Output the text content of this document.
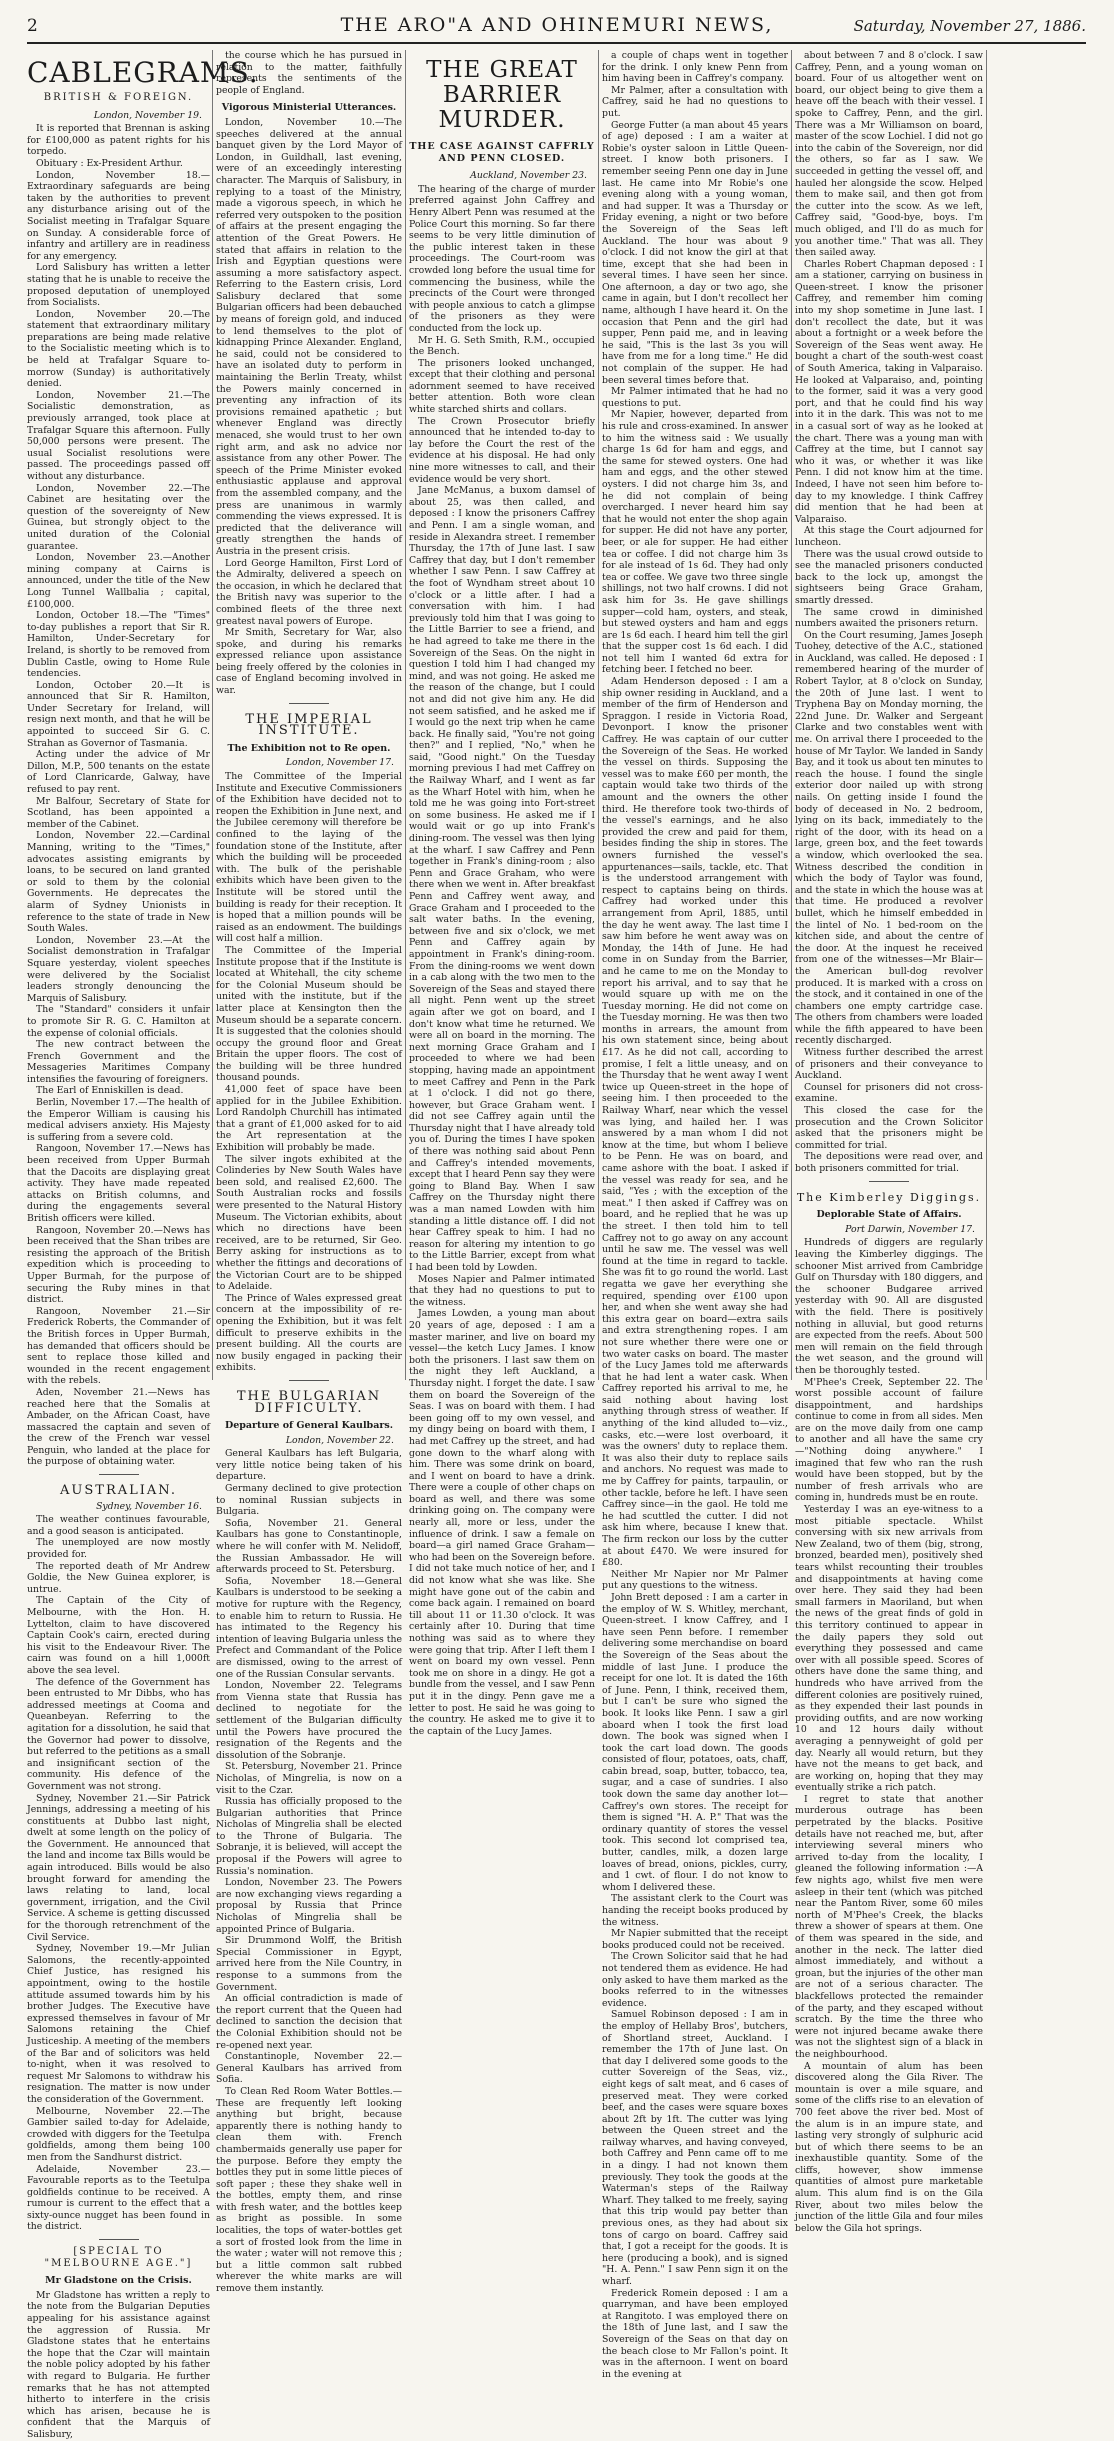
2	THE ARO"A AND OHINEMURI NEWS,	Saturday, November 27, 1886.
CABLEGRAMS.
BRITISH & FOREIGN.
London, November 19.

It is reported that Brennan is asking for £100,000 as patent rights for his torpedo.

Obituary : Ex-President Arthur.

London, November 18.—Extraordinary safeguards are being taken by the authorities to prevent any disturbance arising out of the Socialist meeting in Trafalgar Square on Sunday. A considerable force of infantry and artillery are in readiness for any emergency.

Lord Salisbury has written a letter stating that he is unable to receive the proposed deputation of unemployed from Socialists.

London, November 20.—The statement that extraordinary military preparations are being made relative to the Socialistic meeting which is to be held at Trafalgar Square to-morrow (Sunday) is authoritatively denied.

London, November 21.—The Socialistic demonstration, as previously arranged, took place at Trafalgar Square this afternoon. Fully 50,000 persons were present. The usual Socialist resolutions were passed. The proceedings passed off without any disturbance.

London, November 22.—The Cabinet are hesitating over the question of the sovereignty of New Guinea, but strongly object to the united duration of the Colonial guarantee.

London, November 23.—Another mining company at Cairns is announced, under the title of the New Long Tunnel Wallbalia ; capital, £100,000.

London, October 18.—The "Times" to-day publishes a report that Sir R. Hamilton, Under-Secretary for Ireland, is shortly to be removed from Dublin Castle, owing to Home Rule tendencies.

London, October 20.—It is announced that Sir R. Hamilton, Under Secretary for Ireland, will resign next month, and that he will be appointed to succeed Sir G. C. Strahan as Governor of Tasmania.

Acting under the advice of Mr Dillon, M.P., 500 tenants on the estate of Lord Clanricarde, Galway, have refused to pay rent.

Mr Balfour, Secretary of State for Scotland, has been appointed a member of the Cabinet.

London, November 22.—Cardinal Manning, writing to the "Times," advocates assisting emigrants by loans, to be secured on land granted or sold to them by the colonial Governments. He deprecates the alarm of Sydney Unionists in reference to the state of trade in New South Wales.

London, November 23.—At the Socialist demonstration in Trafalgar Square yesterday, violent speeches were delivered by the Socialist leaders strongly denouncing the Marquis of Salisbury.

The "Standard" considers it unfair to promote Sir R. G. C. Hamilton at the expense of colonial officials.

The new contract between the French Government and the Messageries Maritimes Company intensifies the favouring of foreigners.

The Earl of Enniskillen is dead.

Berlin, November 17.—The health of the Emperor William is causing his medical advisers anxiety. His Majesty is suffering from a severe cold.

Rangoon, November 17.—News has been received from Upper Burmah that the Dacoits are displaying great activity. They have made repeated attacks on British columns, and during the engagements several British officers were killed.

Rangoon, November 20.—News has been received that the Shan tribes are resisting the approach of the British expedition which is proceeding to Upper Burmah, for the purpose of securing the Ruby mines in that district.

Rangoon, November 21.—Sir Frederick Roberts, the Commander of the British forces in Upper Burmah, has demanded that officers should be sent to replace those killed and wounded in the recent engagement with the rebels.

Aden, November 21.—News has reached here that the Somalis at Ambader, on the African Coast, have massacred the captain and seven of the crew of the French war vessel Penguin, who landed at the place for the purpose of obtaining water.

AUSTRALIAN.
Sydney, November 16.

The weather continues favourable, and a good season is anticipated.

The unemployed are now mostly provided for.

The reported death of Mr Andrew Goldie, the New Guinea explorer, is untrue.

The Captain of the City of Melbourne, with the Hon. H. Lyttelton, claim to have discovered Captain Cook's cairn, erected during his visit to the Endeavour River. The cairn was found on a hill 1,000ft above the sea level.

The defence of the Government has been entrusted to Mr Dibbs, who has addressed meetings at Cooma and Queanbeyan. Referring to the agitation for a dissolution, he said that the Governor had power to dissolve, but referred to the petitions as a small and insignificant section of the community. His defence of the Government was not strong.

Sydney, November 21.—Sir Patrick Jennings, addressing a meeting of his constituents at Dubbo last night, dwelt at some length on the policy of the Government. He announced that the land and income tax Bills would be again introduced. Bills would be also brought forward for amending the laws relating to land, local government, irrigation, and the Civil Service. A scheme is getting discussed for the thorough retrenchment of the Civil Service.

Sydney, November 19.—Mr Julian Salomons, the recently-appointed Chief Justice, has resigned his appointment, owing to the hostile attitude assumed towards him by his brother Judges. The Executive have expressed themselves in favour of Mr Salomons retaining the Chief Justiceship. A meeting of the members of the Bar and of solicitors was held to-night, when it was resolved to request Mr Salomons to withdraw his resignation. The matter is now under the consideration of the Government.

Melbourne, November 22.—The Gambier sailed to-day for Adelaide, crowded with diggers for the Teetulpa goldfields, among them being 100 men from the Sandhurst district.

Adelaide, November 23.—Favourable reports as to the Teetulpa goldfields continue to be received. A rumour is current to the effect that a sixty-ounce nugget has been found in the district.

[SPECIAL TO "MELBOURNE AGE."]
Mr Gladstone on the Crisis.

Mr Gladstone has written a reply to the note from the Bulgarian Deputies appealing for his assistance against the aggression of Russia. Mr Gladstone states that he entertains the hope that the Czar will maintain the noble policy adopted by his father with regard to Bulgaria. He further remarks that he has not attempted hitherto to interfere in the crisis which has arisen, because he is confident that the Marquis of Salisbury,

the course which he has pursued in relation to the matter, faithfully represents the sentiments of the people of England.

Vigorous Ministerial Utterances.

London, November 10.—The speeches delivered at the annual banquet given by the Lord Mayor of London, in Guildhall, last evening, were of an exceedingly interesting character. The Marquis of Salisbury, in replying to a toast of the Ministry, made a vigorous speech, in which he referred very outspoken to the position of affairs at the present engaging the attention of the Great Powers. He stated that affairs in relation to the Irish and Egyptian questions were assuming a more satisfactory aspect. Referring to the Eastern crisis, Lord Salisbury declared that some Bulgarian officers had been debauched by means of foreign gold, and induced to lend themselves to the plot of kidnapping Prince Alexander. England, he said, could not be considered to have an isolated duty to perform in maintaining the Berlin Treaty, whilst the Powers mainly concerned in preventing any infraction of its provisions remained apathetic ; but whenever England was directly menaced, she would trust to her own right arm, and ask no advice nor assistance from any other Power. The speech of the Prime Minister evoked enthusiastic applause and approval from the assembled company, and the press are unanimous in warmly commending the views expressed. It is predicted that the deliverance will greatly strengthen the hands of Austria in the present crisis.

Lord George Hamilton, First Lord of the Admiralty, delivered a speech on the occasion, in which he declared that the British navy was superior to the combined fleets of the three next greatest naval powers of Europe.

Mr Smith, Secretary for War, also spoke, and during his remarks expressed reliance upon assistance being freely offered by the colonies in case of England becoming involved in war.

THE IMPERIAL INSTITUTE.
The Exhibition not to Re open.
London, November 17.

The Committee of the Imperial Institute and Executive Commissioners of the Exhibition have decided not to reopen the Exhibition in June next, and the Jubilee ceremony will therefore be confined to the laying of the foundation stone of the Institute, after which the building will be proceeded with. The bulk of the perishable exhibits which have been given to the Institute will be stored until the building is ready for their reception. It is hoped that a million pounds will be raised as an endowment. The buildings will cost half a million.

The Committee of the Imperial Institute propose that if the Institute is located at Whitehall, the city scheme for the Colonial Museum should be united with the institute, but if the latter place at Kensington then the Museum should be a separate concern. It is suggested that the colonies should occupy the ground floor and Great Britain the upper floors. The cost of the building will be three hundred thousand pounds.

41,000 feet of space have been applied for in the Jubilee Exhibition. Lord Randolph Churchill has intimated that a grant of £1,000 asked for to aid the Art representation at the Exhibition will probably be made.

The silver ingots exhibited at the Colinderies by New South Wales have been sold, and realised £2,600. The South Australian rocks and fossils were presented to the Natural History Museum. The Victorian exhibits, about which no directions have been received, are to be returned, Sir Geo. Berry asking for instructions as to whether the fittings and decorations of the Victorian Court are to be shipped to Adelaide.

The Prince of Wales expressed great concern at the impossibility of re-opening the Exhibition, but it was felt difficult to preserve exhibits in the present building. All the courts are now busily engaged in packing their exhibits.

THE BULGARIAN DIFFICULTY.
Departure of General Kaulbars.
London, November 22.

General Kaulbars has left Bulgaria, very little notice being taken of his departure.

Germany declined to give protection to nominal Russian subjects in Bulgaria.

Sofia, November 21. General Kaulbars has gone to Constantinople, where he will confer with M. Nelidoff, the Russian Ambassador. He will afterwards proceed to St. Petersburg.

Sofia, November 18.—General Kaulbars is understood to be seeking a motive for rupture with the Regency, to enable him to return to Russia. He has intimated to the Regency his intention of leaving Bulgaria unless the Prefect and Commandant of the Police are dismissed, owing to the arrest of one of the Russian Consular servants.

London, November 22. Telegrams from Vienna state that Russia has declined to negotiate for the settlement of the Bulgarian difficulty until the Powers have procured the resignation of the Regents and the dissolution of the Sobranje.

St. Petersburg, November 21. Prince Nicholas, of Mingrelia, is now on a visit to the Czar.

Russia has officially proposed to the Bulgarian authorities that Prince Nicholas of Mingrelia shall be elected to the Throne of Bulgaria. The Sobranje, it is believed, will accept the proposal if the Powers will agree to Russia's nomination.

London, November 23. The Powers are now exchanging views regarding a proposal by Russia that Prince Nicholas of Mingrelia shall be appointed Prince of Bulgaria.

Sir Drummond Wolff, the British Special Commissioner in Egypt, arrived here from the Nile Country, in response to a summons from the Government.

An official contradiction is made of the report current that the Queen had declined to sanction the decision that the Colonial Exhibition should not be re-opened next year.

Constantinople, November 22.—General Kaulbars has arrived from Sofia.

To Clean Red Room Water Bottles.—These are frequently left looking anything but bright, because apparently there is nothing handy to clean them with. French chambermaids generally use paper for the purpose. Before they empty the bottles they put in some little pieces of soft paper ; these they shake well in the bottles, empty them, and rinse with fresh water, and the bottles keep as bright as possible. In some localities, the tops of water-bottles get a sort of frosted look from the lime in the water ; water will not remove this ; but a little common salt rubbed wherever the white marks are will remove them instantly.

THE GREAT BARRIER MURDER.
THE CASE AGAINST CAFFRLY AND PENN CLOSED.
Auckland, November 23.

The hearing of the charge of murder preferred against John Caffrey and Henry Albert Penn was resumed at the Police Court this morning. So far there seems to be very little diminution of the public interest taken in these proceedings. The Court-room was crowded long before the usual time for commencing the business, while the precincts of the Court were thronged with people anxious to catch a glimpse of the prisoners as they were conducted from the lock up.

Mr H. G. Seth Smith, R.M., occupied the Bench.

The prisoners looked unchanged, except that their clothing and personal adornment seemed to have received better attention. Both wore clean white starched shirts and collars.

The Crown Prosecutor briefly announced that he intended to-day to lay before the Court the rest of the evidence at his disposal. He had only nine more witnesses to call, and their evidence would be very short.

Jane McManus, a buxom damsel of about 25, was then called, and deposed : I know the prisoners Caffrey and Penn. I am a single woman, and reside in Alexandra street. I remember Thursday, the 17th of June last. I saw Caffrey that day, but I don't remember whether I saw Penn. I saw Caffrey at the foot of Wyndham street about 10 o'clock or a little after. I had a conversation with him. I had previously told him that I was going to the Little Barrier to see a friend, and he had agreed to take me there in the Sovereign of the Seas. On the night in question I told him I had changed my mind, and was not going. He asked me the reason of the change, but I could not and did not give him any. He did not seem satisfied, and he asked me if I would go the next trip when he came back. He finally said, "You're not going then?" and I replied, "No," when he said, "Good night." On the Tuesday morning previous I had met Caffrey on the Railway Wharf, and I went as far as the Wharf Hotel with him, when he told me he was going into Fort-street on some business. He asked me if I would wait or go up into Frank's dining-room. The vessel was then lying at the wharf. I saw Caffrey and Penn together in Frank's dining-room ; also Penn and Grace Graham, who were there when we went in. After breakfast Penn and Caffrey went away, and Grace Graham and I proceeded to the salt water baths. In the evening, between five and six o'clock, we met Penn and Caffrey again by appointment in Frank's dining-room. From the dining-rooms we went down in a cab along with the two men to the Sovereign of the Seas and stayed there all night. Penn went up the street again after we got on board, and I don't know what time he returned. We were all on board in the morning. The next morning Grace Graham and I proceeded to where we had been stopping, having made an appointment to meet Caffrey and Penn in the Park at 1 o'clock. I did not go there, however, but Grace Graham went. I did not see Caffrey again until the Thursday night that I have already told you of. During the times I have spoken of there was nothing said about Penn and Caffrey's intended movements, except that I heard Penn say they were going to Bland Bay. When I saw Caffrey on the Thursday night there was a man named Lowden with him standing a little distance off. I did not hear Caffrey speak to him. I had no reason for altering my intention to go to the Little Barrier, except from what I had been told by Lowden.

Moses Napier and Palmer intimated that they had no questions to put to the witness.

James Lowden, a young man about 20 years of age, deposed : I am a master mariner, and live on board my vessel—the ketch Lucy James. I know both the prisoners. I last saw them on the night they left Auckland, a Thursday night. I forget the date. I saw them on board the Sovereign of the Seas. I was on board with them. I had been going off to my own vessel, and my dingy being on board with them, I had met Caffrey up the street, and had gone down to the wharf along with him. There was some drink on board, and I went on board to have a drink. There were a couple of other chaps on board as well, and there was some drinking going on. The company were nearly all, more or less, under the influence of drink. I saw a female on board—a girl named Grace Graham—who had been on the Sovereign before. I did not take much notice of her, and I did not know what she was like. She might have gone out of the cabin and come back again. I remained on board till about 11 or 11.30 o'clock. It was certainly after 10. During that time nothing was said as to where they were going that trip. After I left them I went on board my own vessel. Penn took me on shore in a dingy. He got a bundle from the vessel, and I saw Penn put it in the dingy. Penn gave me a letter to post. He said he was going to the country. He asked me to give it to the captain of the Lucy James.

a couple of chaps went in together for the drink. I only knew Penn from him having been in Caffrey's company.

Mr Palmer, after a consultation with Caffrey, said he had no questions to put.

George Futter (a man about 45 years of age) deposed : I am a waiter at Robie's oyster saloon in Little Queen-street. I know both prisoners. I remember seeing Penn one day in June last. He came into Mr Robie's one evening along with a young woman, and had supper. It was a Thursday or Friday evening, a night or two before the Sovereign of the Seas left Auckland. The hour was about 9 o'clock. I did not know the girl at that time, except that she had been in several times. I have seen her since. One afternoon, a day or two ago, she came in again, but I don't recollect her name, although I have heard it. On the occasion that Penn and the girl had supper, Penn paid me, and in leaving he said, "This is the last 3s you will have from me for a long time." He did not complain of the supper. He had been several times before that.

Mr Palmer intimated that he had no questions to put.

Mr Napier, however, departed from his rule and cross-examined. In answer to him the witness said : We usually charge 1s 6d for ham and eggs, and the same for stewed oysters. One had ham and eggs, and the other stewed oysters. I did not charge him 3s, and he did not complain of being overcharged. I never heard him say that he would not enter the shop again for supper. He did not have any porter, beer, or ale for supper. He had either tea or coffee. I did not charge him 3s for ale instead of 1s 6d. They had only tea or coffee. We gave two three single shillings, not two half crowns. I did not ask him for 3s. He gave shillings supper—cold ham, oysters, and steak, but stewed oysters and ham and eggs are 1s 6d each. I heard him tell the girl that the supper cost 1s 6d each. I did not tell him I wanted 6d extra for fetching beer. I fetched no beer.

Adam Henderson deposed : I am a ship owner residing in Auckland, and a member of the firm of Henderson and Spraggon. I reside in Victoria Road, Devonport. I know the prisoner Caffrey. He was captain of our cutter the Sovereign of the Seas. He worked the vessel on thirds. Supposing the vessel was to make £60 per month, the captain would take two thirds of the amount and the owners the other third. He therefore took two-thirds of the vessel's earnings, and he also provided the crew and paid for them, besides finding the ship in stores. The owners furnished the vessel's appurtenances—sails, tackle, etc. That is the understood arrangement with respect to captains being on thirds. Caffrey had worked under this arrangement from April, 1885, until the day he went away. The last time I saw him before he went away was on Monday, the 14th of June. He had come in on Sunday from the Barrier, and he came to me on the Monday to report his arrival, and to say that he would square up with me on the Tuesday morning. He did not come on the Tuesday morning. He was then two months in arrears, the amount from his own statement since, being about £17. As he did not call, according to promise, I felt a little uneasy, and on the Thursday that he went away I went twice up Queen-street in the hope of seeing him. I then proceeded to the Railway Wharf, near which the vessel was lying, and hailed her. I was answered by a man whom I did not know at the time, but whom I believe to be Penn. He was on board, and came ashore with the boat. I asked if the vessel was ready for sea, and he said, "Yes ; with the exception of the meat." I then asked if Caffrey was on board, and he replied that he was up the street. I then told him to tell Caffrey not to go away on any account until he saw me. The vessel was well found at the time in regard to tackle. She was fit to go round the world. Last regatta we gave her everything she required, spending over £100 upon her, and when she went away she had this extra gear on board—extra sails and extra strengthening ropes. I am not sure whether there were one or two water casks on board. The master of the Lucy James told me afterwards that he had lent a water cask. When Caffrey reported his arrival to me, he said nothing about having lost anything through stress of weather. If anything of the kind alluded to—viz., casks, etc.—were lost overboard, it was the owners' duty to replace them. It was also their duty to replace sails and anchors. No request was made to me by Caffrey for paints, tarpaulin, or other tackle, before he left. I have seen Caffrey since—in the gaol. He told me he had scuttled the cutter. I did not ask him where, because I knew that. The firm reckon our loss by the cutter at about £470. We were insured for £80.

Neither Mr Napier nor Mr Palmer put any questions to the witness.

John Brett deposed : I am a carter in the employ of W. S. Whitley, merchant, Queen-street. I know Caffrey, and I have seen Penn before. I remember delivering some merchandise on board the Sovereign of the Seas about the middle of last June. I produce the receipt for one lot. It is dated the 16th of June. Penn, I think, received them, but I can't be sure who signed the book. It looks like Penn. I saw a girl aboard when I took the first load down. The book was signed when I took the cart load down. The goods consisted of flour, potatoes, oats, chaff, cabin bread, soap, butter, tobacco, tea, sugar, and a case of sundries. I also took down the same day another lot—Caffrey's own stores. The receipt for them is signed "H. A. P." That was the ordinary quantity of stores the vessel took. This second lot comprised tea, butter, candles, milk, a dozen large loaves of bread, onions, pickles, curry, and 1 cwt. of flour. I do not know to whom I delivered these.

The assistant clerk to the Court was handing the receipt books produced by the witness.

Mr Napier submitted that the receipt books produced could not be received.

The Crown Solicitor said that he had not tendered them as evidence. He had only asked to have them marked as the books referred to in the witnesses evidence.

Samuel Robinson deposed : I am in the employ of Hellaby Bros', butchers, of Shortland street, Auckland. I remember the 17th of June last. On that day I delivered some goods to the cutter Sovereign of the Seas, viz., eight kegs of salt meat, and 6 cases of preserved meat. They were corked beef, and the cases were square boxes about 2ft by 1ft. The cutter was lying between the Queen street and the railway wharves, and having conveyed, both Caffrey and Penn came off to me in a dingy. I had not known them previously. They took the goods at the Waterman's steps of the Railway Wharf. They talked to me freely, saying that this trip would pay better than previous ones, as they had about six tons of cargo on board. Caffrey said that, I got a receipt for the goods. It is here (producing a book), and is signed "H. A. Penn." I saw Penn sign it on the wharf.

Frederick Romein deposed : I am a quarryman, and have been employed at Rangitoto. I was employed there on the 18th of June last, and I saw the Sovereign of the Seas on that day on the beach close to Mr Fallon's point. It was in the afternoon. I went on board in the evening at

about between 7 and 8 o'clock. I saw Caffrey, Penn, and a young woman on board. Four of us altogether went on board, our object being to give them a heave off the beach with their vessel. I spoke to Caffrey, Penn, and the girl. There was a Mr Williamson on board, master of the scow Lochiel. I did not go into the cabin of the Sovereign, nor did the others, so far as I saw. We succeeded in getting the vessel off, and hauled her alongside the scow. Helped them to make sail, and then got from the cutter into the scow. As we left, Caffrey said, "Good-bye, boys. I'm much obliged, and I'll do as much for you another time." That was all. They then sailed away.

Charles Robert Chapman deposed : I am a stationer, carrying on business in Queen-street. I know the prisoner Caffrey, and remember him coming into my shop sometime in June last. I don't recollect the date, but it was about a fortnight or a week before the Sovereign of the Seas went away. He bought a chart of the south-west coast of South America, taking in Valparaiso. He looked at Valparaiso, and, pointing to the former, said it was a very good port, and that he could find his way into it in the dark. This was not to me in a casual sort of way as he looked at the chart. There was a young man with Caffrey at the time, but I cannot say who it was, or whether it was like Penn. I did not know him at the time. Indeed, I have not seen him before to-day to my knowledge. I think Caffrey did mention that he had been at Valparaiso.

At this stage the Court adjourned for luncheon.

There was the usual crowd outside to see the manacled prisoners conducted back to the lock up, amongst the sightseers being Grace Graham, smartly dressed.

The same crowd in diminished numbers awaited the prisoners return.

On the Court resuming, James Joseph Tuohey, detective of the A.C., stationed in Auckland, was called. He deposed : I remembered hearing of the murder of Robert Taylor, at 8 o'clock on Sunday, the 20th of June last. I went to Tryphena Bay on Monday morning, the 22nd June. Dr. Walker and Sergeant Clarke and two constables went with me. On arrival there I proceeded to the house of Mr Taylor. We landed in Sandy Bay, and it took us about ten minutes to reach the house. I found the single exterior door nailed up with strong nails. On getting inside I found the body of deceased in No. 2 bedroom, lying on its back, immediately to the right of the door, with its head on a large, green box, and the feet towards a window, which overlooked the sea. Witness described the condition in which the body of Taylor was found, and the state in which the house was at that time. He produced a revolver bullet, which he himself embedded in the lintel of No. 1 bed-room on the kitchen side, and about the centre of the door. At the inquest he received from one of the witnesses—Mr Blair—the American bull-dog revolver produced. It is marked with a cross on the stock, and it contained in one of the chambers one empty cartridge case. The others from chambers were loaded while the fifth appeared to have been recently discharged.

Witness further described the arrest of prisoners and their conveyance to Auckland.

Counsel for prisoners did not cross-examine.

This closed the case for the prosecution and the Crown Solicitor asked that the prisoners might be committed for trial.

The depositions were read over, and both prisoners committed for trial.

The Kimberley Diggings.
Deplorable State of Affairs.
Port Darwin, November 17.

Hundreds of diggers are regularly leaving the Kimberley diggings. The schooner Mist arrived from Cambridge Gulf on Thursday with 180 diggers, and the schooner Budgaree arrived yesterday with 90. All are disgusted with the field. There is positively nothing in alluvial, but good returns are expected from the reefs. About 500 men will remain on the field through the wet season, and the ground will then be thoroughly tested.

M'Phee's Creek, September 22. The worst possible account of failure disappointment, and hardships continue to come in from all sides. Men are on the move daily from one camp to another and all have the same cry—"Nothing doing anywhere." I imagined that few who ran the rush would have been stopped, but by the number of fresh arrivals who are coming in, hundreds must be en route.

Yesterday I was an eye-witness to a most pitiable spectacle. Whilst conversing with six new arrivals from New Zealand, two of them (big, strong, bronzed, bearded men), positively shed tears whilst recounting their troubles and disappointments at having come over here. They said they had been small farmers in Maoriland, but when the news of the great finds of gold in this territory continued to appear in the daily papers they sold out everything they possessed and came over with all possible speed. Scores of others have done the same thing, and hundreds who have arrived from the different colonies are positively ruined, as they expended their last pounds in providing outfits, and are now working 10 and 12 hours daily without averaging a pennyweight of gold per day. Nearly all would return, but they have not the means to get back, and are working on, hoping that they may eventually strike a rich patch.

I regret to state that another murderous outrage has been perpetrated by the blacks. Positive details have not reached me, but, after interviewing several miners who arrived to-day from the locality, I gleaned the following information :—A few nights ago, whilst five men were asleep in their tent (which was pitched near the Pantom River, some 60 miles north of M'Phee's Creek, the blacks threw a shower of spears at them. One of them was speared in the side, and another in the neck. The latter died almost immediately, and without a groan, but the injuries of the other man are not of a serious character. The blackfellows protected the remainder of the party, and they escaped without scratch. By the time the three who were not injured became awake there was not the slightest sign of a black in the neighbourhood.

A mountain of alum has been discovered along the Gila River. The mountain is over a mile square, and some of the cliffs rise to an elevation of 700 feet above the river bed. Most of the alum is in an impure state, and lasting very strongly of sulphuric acid but of which there seems to be an inexhaustible quantity. Some of the cliffs, however, show immense quantities of almost pure marketable alum. This alum find is on the Gila River, about two miles below the junction of the little Gila and four miles below the Gila hot springs.
